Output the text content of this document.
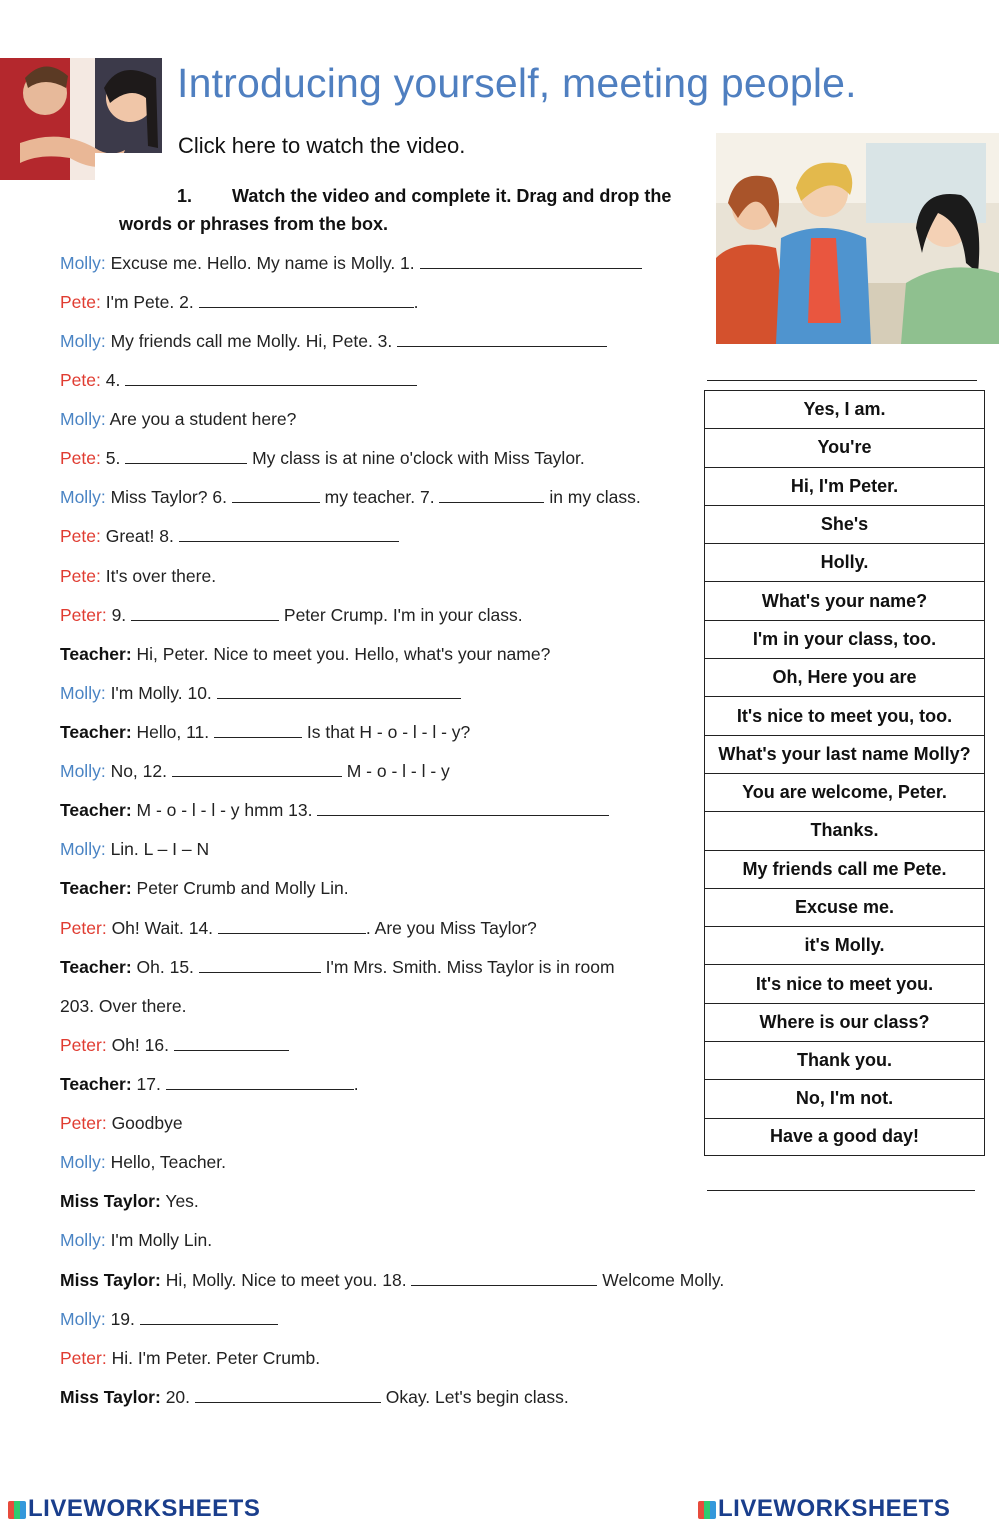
Introducing yourself, meeting people.
Click here to watch the video.
1. Watch the video and complete it. Drag and drop the words or phrases from the box.
Molly: Excuse me. Hello. My name is Molly. 1.
Pete: I'm Pete. 2.	.
Molly: My friends call me Molly. Hi, Pete. 3.
Pete: 4.
Molly: Are you a student here?
Pete: 5.	My class is at nine o'clock with Miss Taylor.
Molly: Miss Taylor? 6.	my teacher. 7.	in my class.
Pete: Great! 8.
Pete: It's over there.
Peter: 9.	Peter Crump. I'm in your class.
Teacher: Hi, Peter. Nice to meet you. Hello, what's your name?
Molly: I'm Molly. 10.
Teacher: Hello, 11.	Is that H - o - l - l - y?
Molly: No, 12.	M - o - l - l - y
Teacher: M - o - l - l - y hmm 13.
Molly: Lin. L – I – N
Teacher: Peter Crumb and Molly Lin.
Peter: Oh! Wait. 14.	. Are you Miss Taylor?
Teacher: Oh. 15.	I'm Mrs. Smith. Miss Taylor is in room
203. Over there.
Peter: Oh! 16.
Teacher: 17.	.
Peter: Goodbye
Molly: Hello, Teacher.
Miss Taylor: Yes.
Molly: I'm Molly Lin.
Miss Taylor: Hi, Molly. Nice to meet you. 18.	Welcome Molly.
Molly: 19.
Peter: Hi. I'm Peter. Peter Crumb.
Miss Taylor: 20.	Okay. Let's begin class.
Yes, I am.
You're
Hi, I'm Peter.
She's
Holly.
What's your name?
I'm in your class, too.
Oh, Here you are
It's nice to meet you, too.
What's your last name Molly?
You are welcome, Peter.
Thanks.
My friends call me Pete.
Excuse me.
it's Molly.
It's nice to meet you.
Where is our class?
Thank you.
No, I'm not.
Have a good day!
LIVEWORKSHEETS	LIVEWORKSHEETS
